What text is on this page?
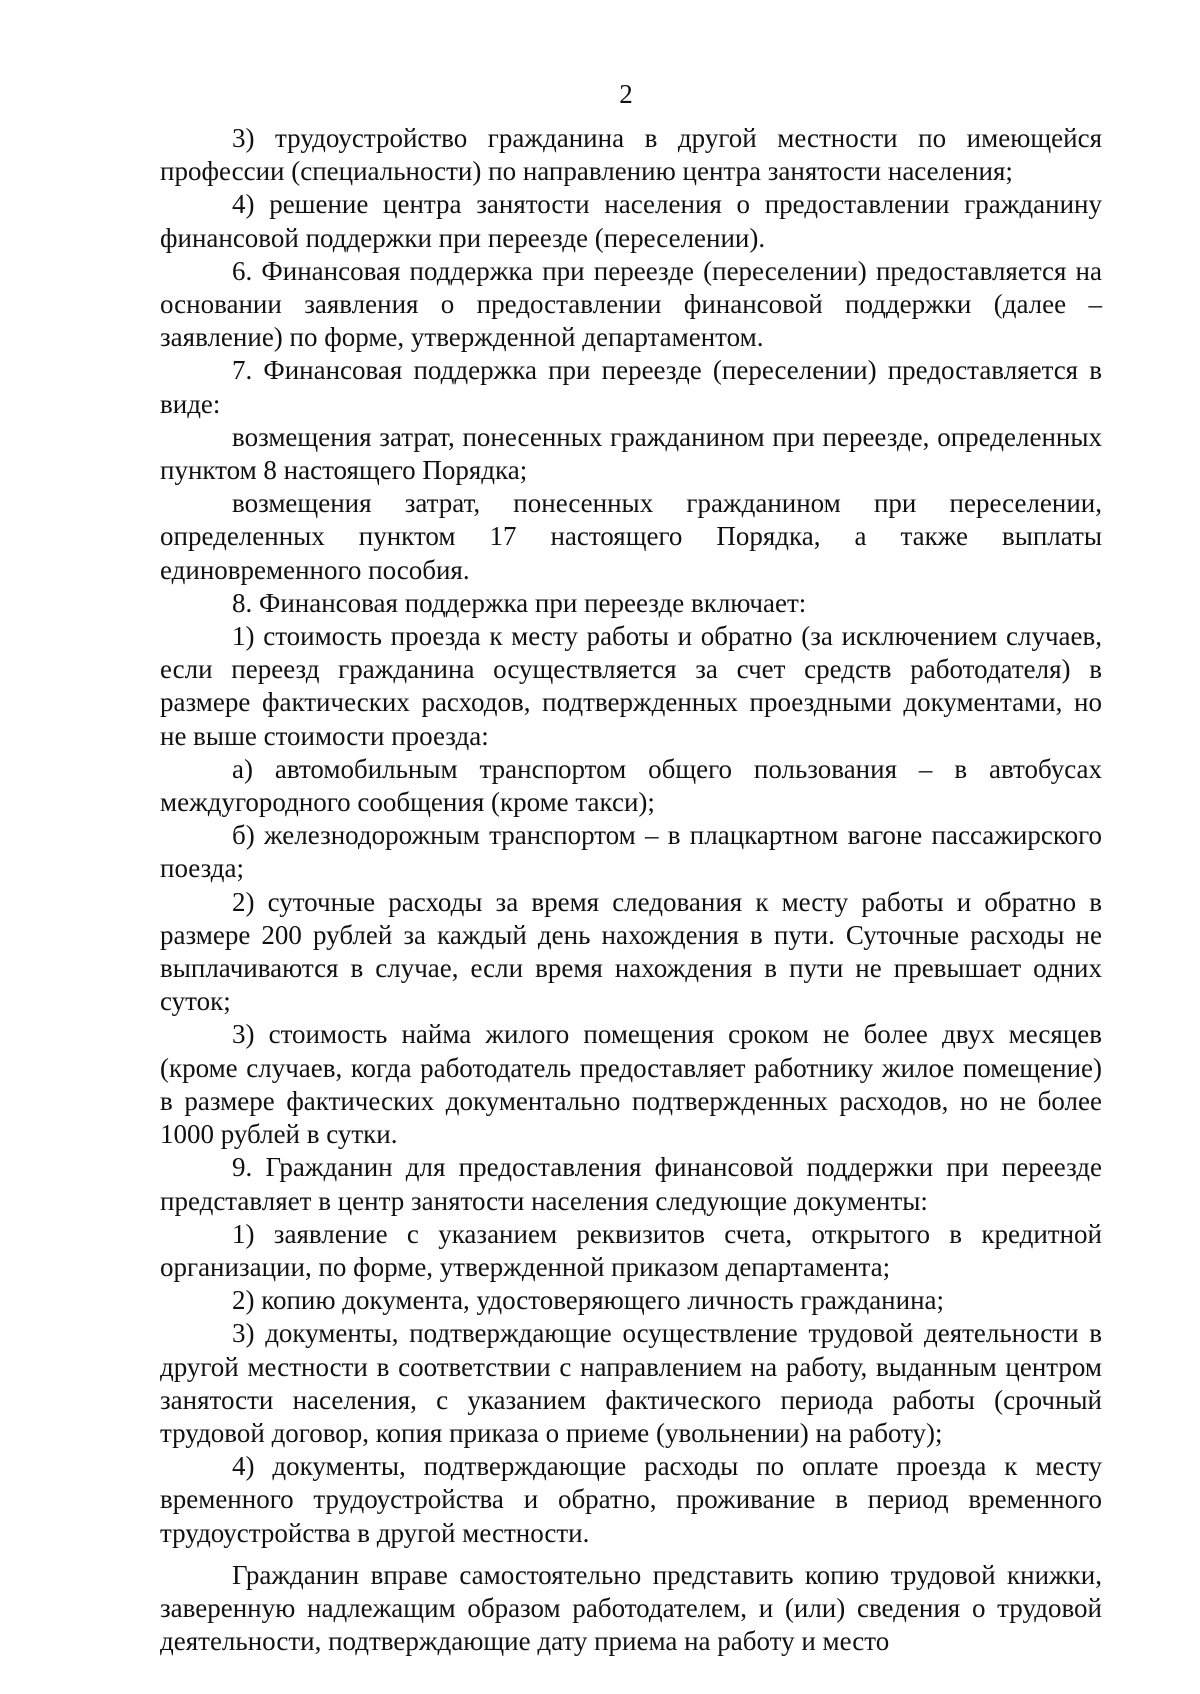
2

3) трудоустройство гражданина в другой местности по имеющейся профессии (специальности) по направлению центра занятости населения;

4) решение центра занятости населения о предоставлении гражданину финансовой поддержки при переезде (переселении).

6. Финансовая поддержка при переезде (переселении) предоставляется на основании заявления о предоставлении финансовой поддержки (далее – заявление) по форме, утвержденной департаментом.

7. Финансовая поддержка при переезде (переселении) предоставляется в виде:

возмещения затрат, понесенных гражданином при переезде, определенных пунктом 8 настоящего Порядка;

возмещения затрат, понесенных гражданином при переселении, определенных пунктом 17 настоящего Порядка, а также выплаты единовременного пособия.

8. Финансовая поддержка при переезде включает:

1) стоимость проезда к месту работы и обратно (за исключением случаев, если переезд гражданина осуществляется за счет средств работодателя) в размере фактических расходов, подтвержденных проездными документами, но не выше стоимости проезда:

а) автомобильным транспортом общего пользования – в автобусах междугородного сообщения (кроме такси);

б) железнодорожным транспортом – в плацкартном вагоне пассажирского поезда;

2) суточные расходы за время следования к месту работы и обратно в размере 200 рублей за каждый день нахождения в пути. Суточные расходы не выплачиваются в случае, если время нахождения в пути не превышает одних суток;

3) стоимость найма жилого помещения сроком не более двух месяцев (кроме случаев, когда работодатель предоставляет работнику жилое помещение) в размере фактических документально подтвержденных расходов, но не более 1000 рублей в сутки.

9. Гражданин для предоставления финансовой поддержки при переезде представляет в центр занятости населения следующие документы:

1) заявление с указанием реквизитов счета, открытого в кредитной организации, по форме, утвержденной приказом департамента;

2) копию документа, удостоверяющего личность гражданина;

3) документы, подтверждающие осуществление трудовой деятельности в другой местности в соответствии с направлением на работу, выданным центром занятости населения, с указанием фактического периода работы (срочный трудовой договор, копия приказа о приеме (увольнении) на работу);

4) документы, подтверждающие расходы по оплате проезда к месту временного трудоустройства и обратно, проживание в период временного трудоустройства в другой местности.

Гражданин вправе самостоятельно представить копию трудовой книжки, заверенную надлежащим образом работодателем, и (или) сведения о трудовой деятельности, подтверждающие дату приема на работу и место
